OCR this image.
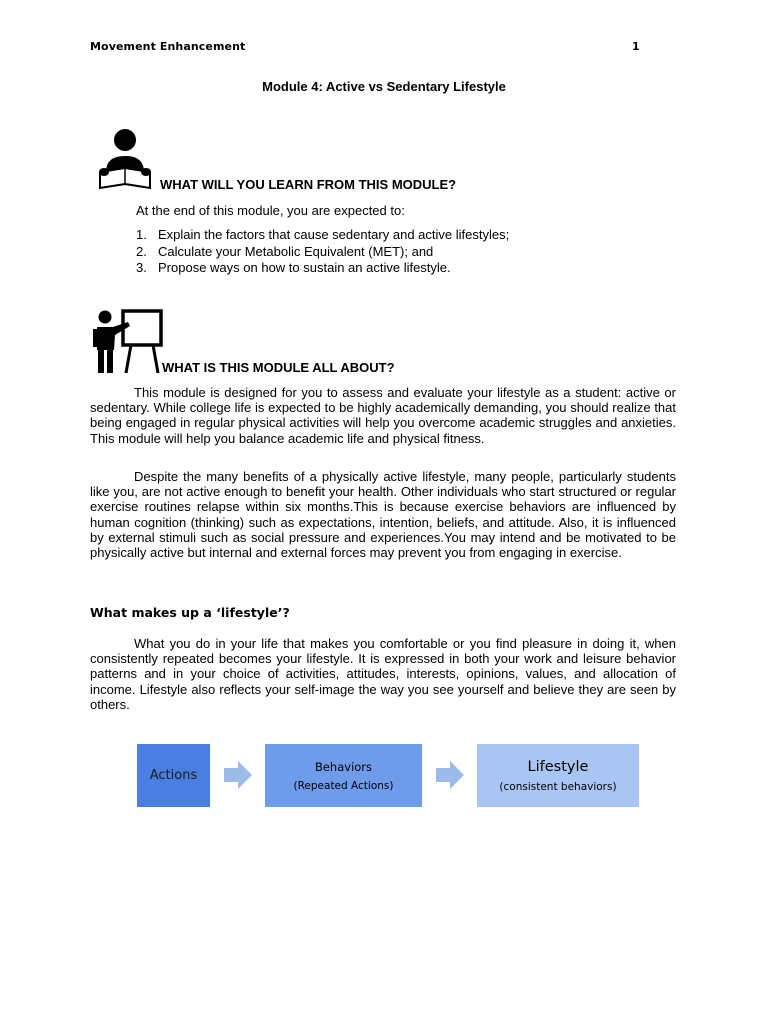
Movement Enhancement	1
Module 4: Active vs Sedentary Lifestyle
WHAT WILL YOU LEARN FROM THIS MODULE?
At the end of this module, you are expected to:
1. Explain the factors that cause sedentary and active lifestyles;
2. Calculate your Metabolic Equivalent (MET); and
3. Propose ways on how to sustain an active lifestyle.
WHAT IS THIS MODULE ALL ABOUT?
This module is designed for you to assess and evaluate your lifestyle as a student: active or sedentary. While college life is expected to be highly academically demanding, you should realize that being engaged in regular physical activities will help you overcome academic struggles and anxieties. This module will help you balance academic life and physical fitness.
Despite the many benefits of a physically active lifestyle, many people, particularly students like you, are not active enough to benefit your health. Other individuals who start structured or regular exercise routines relapse within six months.This is because exercise behaviors are influenced by human cognition (thinking) such as expectations, intention, beliefs, and attitude. Also, it is influenced by external stimuli such as social pressure and experiences.You may intend and be motivated to be physically active but internal and external forces may prevent you from engaging in exercise.
What makes up a ‘lifestyle’?
What you do in your life that makes you comfortable or you find pleasure in doing it, when consistently repeated becomes your lifestyle. It is expressed in both your work and leisure behavior patterns and in your choice of activities, attitudes, interests, opinions, values, and allocation of income. Lifestyle also reflects your self-image the way you see yourself and believe they are seen by others.
Actions
Behaviors
(Repeated Actions)
Lifestyle
(consistent behaviors)
